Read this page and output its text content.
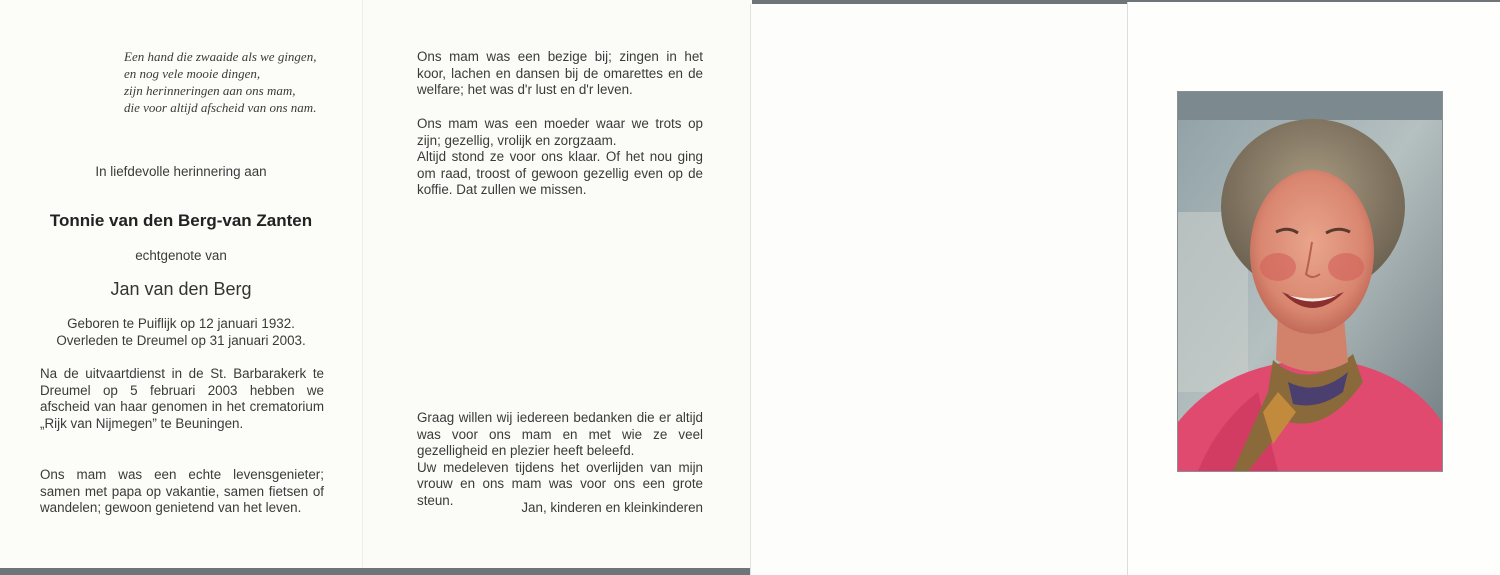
Een hand die zwaaide als we gingen,
en nog vele mooie dingen,
zijn herinneringen aan ons mam,
die voor altijd afscheid van ons nam.

In liefdevolle herinnering aan

Tonnie van den Berg-van Zanten

echtgenote van

Jan van den Berg

Geboren te Puiflijk op 12 januari 1932.

Overleden te Dreumel op 31 januari 2003.

Na de uitvaartdienst in de St. Barbarakerk te Dreumel op 5 februari 2003 hebben we afscheid van haar genomen in het crematorium „Rijk van Nijmegen” te Beuningen.

Ons mam was een echte levensgenieter; samen met papa op vakantie, samen fietsen of wandelen; gewoon genietend van het leven.

Ons mam was een bezige bij; zingen in het koor, lachen en dansen bij de omarettes en de welfare; het was d'r lust en d'r leven.

Ons mam was een moeder waar we trots op zijn; gezellig, vrolijk en zorgzaam.

Altijd stond ze voor ons klaar. Of het nou ging om raad, troost of gewoon gezellig even op de koffie. Dat zullen we missen.

Graag willen wij iedereen bedanken die er altijd was voor ons mam en met wie ze veel gezelligheid en plezier heeft beleefd.

Uw medeleven tijdens het overlijden van mijn vrouw en ons mam was voor ons een grote steun.	Jan, kinderen en kleinkinderen
